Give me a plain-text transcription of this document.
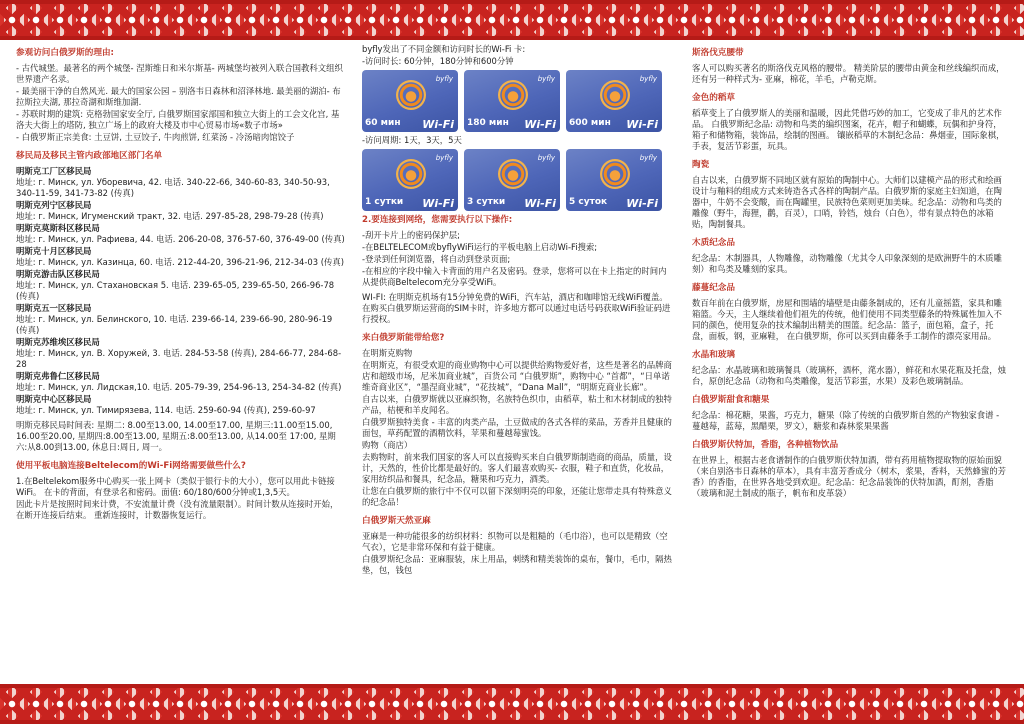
参观访问白俄罗斯的理由:

- 古代城堡。最著名的两个城堡- 涅斯维日和米尔斯基- 两城堡均被列入联合国教科文组织世界遗产名录。

- 最美丽干净的自然风光. 最大的国家公园 – 别洛韦日森林和沼泽林地. 最美丽的湖泊- 布拉斯拉夫湖, 那拉奇湖和斯维加湖.

- 苏联时期的建筑: 克格勃国家安全厅, 白俄罗斯国家部国和独立大街上的工会文化宫, 基洛夫大街上的塔防, 独立广场上的政府大楼及市中心贸易市场«数子市场»

- 白俄罗斯正宗美食: 土豆饼, 土豆饺子, 牛肉煎饼, 红菜汤 - 冷汤暗肉馆饺子

移民局及移民主管内政部地区部门名单
明斯克工厂区移民局
地址: г. Минск, ул. Уборевича, 42. 电话. 340-22-66, 340-60-83, 340-50-93, 340-11-59, 341-73-82 (传真)
明斯克列宁区移民局
地址: г. Минск, Игуменский тракт, 32. 电话. 297-85-28, 298-79-28 (传真)
明斯克莫斯科区移民局
地址: г. Минск, ул. Рафиева, 44. 电话. 206-20-08, 376-57-60, 376-49-00 (传真)
明斯克十月区移民局
地址: г. Минск, ул. Казинца, 60. 电话. 212-44-20, 396-21-96, 212-34-03 (传真)
明斯克游击队区移民局
地址: г. Минск, ул. Стахановская 5. 电话. 239-65-05, 239-65-50, 266-96-78 (传真)
明斯克五一区移民局
地址: г. Минск, ул. Белинского, 10. 电话. 239-66-14, 239-66-90, 280-96-19 (传真)
明斯克苏维埃区移民局
地址: г. Минск, ул. В. Хоружей, 3. 电话. 284-53-58 (传真), 284-66-77, 284-68-28
明斯克弗鲁仁区移民局
地址: г. Минск, ул. Лидская,10. 电话. 205-79-39, 254-96-13, 254-34-82 (传真)
明斯克中心区移民局
地址: г. Минск, ул. Тимирязева, 114. 电话. 259-60-94 (传真), 259-60-97

明斯克移民局时间表: 星期二: 8.00至13.00, 14.00至17.00, 星期三:11.00至15.00, 16.00至20.00, 星期四:8.00至13.00, 星期五:8.00至13.00, 从14.00至 17:00, 星期六:从8.00到13.00, 休息日:周日, 周一。

使用平板电脑连接Beltelecom的Wi-Fi网络需要做些什么?

1.在Beltelekom服务中心购买一张上网卡（类似于银行卡的大小），您可以用此卡链接WiFi。 在卡的背面，有登录名和密码。面值: 60/180/600分钟或1,3,5天。

因此卡片是按照时间来计费，不安流量计费（没有流量限制）。时间计数从连接时开始，在断开连接后结束。 重新连接时，计数器恢复运行。

byfly发出了不同金额和访问时长的Wi-Fi 卡:

-访问时长: 60分钟，180分钟和600分钟

byfly
60 мин Wi-Fi
byfly
180 мин Wi-Fi
byfly
600 мин Wi-Fi

-访问周期: 1天，3天，5天

byfly
1 сутки Wi-Fi
byfly
3 сутки Wi-Fi
byfly
5 суток Wi-Fi
2.要连接到网络，您需要执行以下操作:

-刮开卡片上的密码保护层;

-在BELTELECOM或byflyWiFi运行的平板电脑上启动Wi-Fi搜索;

-登录到任何浏览器，将自动到登录页面;

-在相应的字段中输入卡背面的用户名及密码。登录，您将可以在卡上指定的时间内从提供商Beltelecom充分享受WiFi。

WI-FI: 在明斯克机场有15分钟免费的WiFi，汽车站，酒店和咖啡馆无线WiFi覆盖。 在购买白俄罗斯运营商的SIM卡时，许多地方都可以通过电话号码获取WiFi验证码进行授权。

来白俄罗斯能带给您?

在明斯克购物

在明斯克，有很受欢迎的商业购物中心可以提供给购物爱好者，这些是著名的品牌商店和超级市场，尼米加商业城”，百货公司 “白俄罗斯”，购物中心 “首都”，“日单诺维奇商业区”，“墨涅商业城”，“花技城”，“Dana Mall”，“明斯克商业长廊”。

自古以来，白俄罗斯就以亚麻织物，名族特色织巾，由稻草，粘土和木材制成的独特产品，桔梗和羊皮闻名。

白俄罗斯独特美食 - 丰富的肉类产品，土豆做成的各式各样的菜品，芳香并且健康的面包，草药配置的酒精饮料，苹果和蔓越莓蜜饯。

购物（商店）

去购物时，前来我们国家的客人可以直接购买来自白俄罗斯制造商的商品，质量，设计，天然的，性价比都是最好的。客人们最喜欢购买- 衣服，鞋子和直货，化妆品，家用纺织品和餐具，纪念品，糖果和巧克力，酒类。

让您在白俄罗斯的旅行中不仅可以留下深刻明亮的印象，还能让您带走具有特殊意义的纪念品！

白俄罗斯天然亚麻

亚麻是一种功能很多的纺织材料：织物可以是粗糙的（毛巾浴），也可以是精致（空气衣），它是非常环保和有益于健康。

白俄罗斯纪念品：亚麻服装，床上用品，刺绣和精美装饰的桌布，餐巾，毛巾，隔热垫，包，钱包

斯洛伐克腰带

客人可以购买著名的斯洛伐克风格的腰带。 精美阶层的腰带由黄金和丝线编织而成，还有另一种样式为- 亚麻，棉花，羊毛，卢勒克斯。

金色的稻草

稻草变上了白俄罗斯人的美丽和温暖，因此凭借巧妙的加工，它变成了非凡的艺术作品。 白俄罗斯纪念品: 动物和鸟类的编织图案，花卉，帽子和蝴蝶，玩偶和护身符，箱子和储物箱，装饰品，绘制的图画。 镶嵌稻草的木制纪念品：鼻烟壶，国际象棋，手表，复活节彩蛋，玩具。

陶瓷

自古以来，白俄罗斯不同地区就有原始的陶制中心。大师们以建模产品的形式和绘画设计与釉料的组成方式来铸造各式各样的陶制产品。白俄罗斯的家庭主妇知道，在陶器中，牛奶不会变酸，而在陶罐里，民族特色菜则更加美味。纪念品：动物和鸟类的雕像（野牛，海狸，鹳，百灵），口哨，铃铛，烛台（白色），带有景点特色的冰箱贴，陶制餐具。

木质纪念品

纪念品：木制器具，人物雕像，动物雕像（尤其令人印象深刻的是欧洲野牛的木质雕刻）和鸟类及雕刻的家具。

藤蔓纪念品

数百年前在白俄罗斯，房屋和围墙的墙壁是由藤条制成的，还有儿童摇篮，家具和雕箱篮。今天，主人继续着他们祖先的传统，他们使用不同类型藤条的特殊属性加入不同的颜色，使用复杂的技术编制出精美的围篮。纪念品：篮子，面包箱，盒子，托盘，面板，钢，亚麻鞋， 在白俄罗斯，你可以买到由藤条手工制作的漂亮家用品。

水晶和玻璃

纪念品：水晶玻璃和玻璃餐具（玻璃杯，酒杯，滗水器），鲜花和水果花瓶及托盘，烛台，原创纪念品（动物和鸟类雕像，复活节彩蛋，水果）及彩色玻璃制品。

白俄罗斯甜食和糖果

纪念品：棉花糖，果酱，巧克力，糖果（除了传统的白俄罗斯自然的产物独家食谱 - 蔓越莓，蓝莓，黑醋栗，罗文），糖浆和森林浆果果酱

白俄罗斯伏特加，香脂，各种植物饮品

在世界上，根据古老食谱制作的白俄罗斯伏特加酒，带有药用植物提取物的原始面貌（来自别洛韦日森林的草本），具有丰富芳香成分（树木，浆果，香料，天然蜂蜜的芳香）的香脂，在世界各地受到欢迎。纪念品：纪念品装饰的伏特加酒，酊剂，香脂（玻璃和泥土制成的瓶子，帆布和皮革袋）
